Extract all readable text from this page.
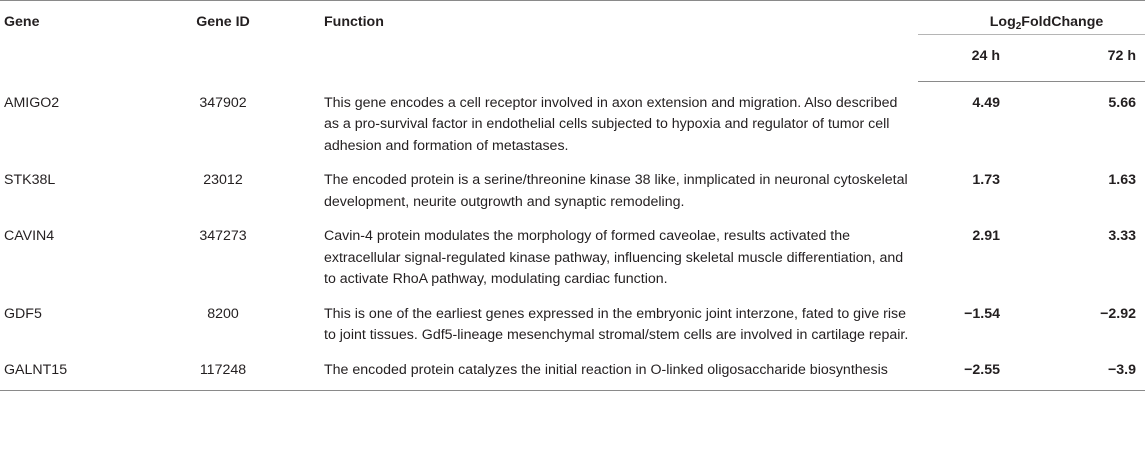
Gene	Gene ID	Function	Log$_2$FoldChange	
			24 h	72 h
AMIGO2	347902	This gene encodes a cell receptor involved in axon extension and migration. Also described as a pro-survival factor in endothelial cells subjected to hypoxia and regulator of tumor cell adhesion and formation of metastases.	4.49	5.66
STK38L	23012	The encoded protein is a serine/threonine kinase 38 like, inmplicated in neuronal cytoskeletal development, neurite outgrowth and synaptic remodeling.	1.73	1.63
CAVIN4	347273	Cavin-4 protein modulates the morphology of formed caveolae, results activated the extracellular signal-regulated kinase pathway, influencing skeletal muscle differentiation, and to activate RhoA pathway, modulating cardiac function.	2.91	3.33
GDF5	8200	This is one of the earliest genes expressed in the embryonic joint interzone, fated to give rise to joint tissues. Gdf5-lineage mesenchymal stromal/stem cells are involved in cartilage repair.	−1.54	−2.92
GALNT15	117248	The encoded protein catalyzes the initial reaction in O-linked oligosaccharide biosynthesis	−2.55	−3.9
